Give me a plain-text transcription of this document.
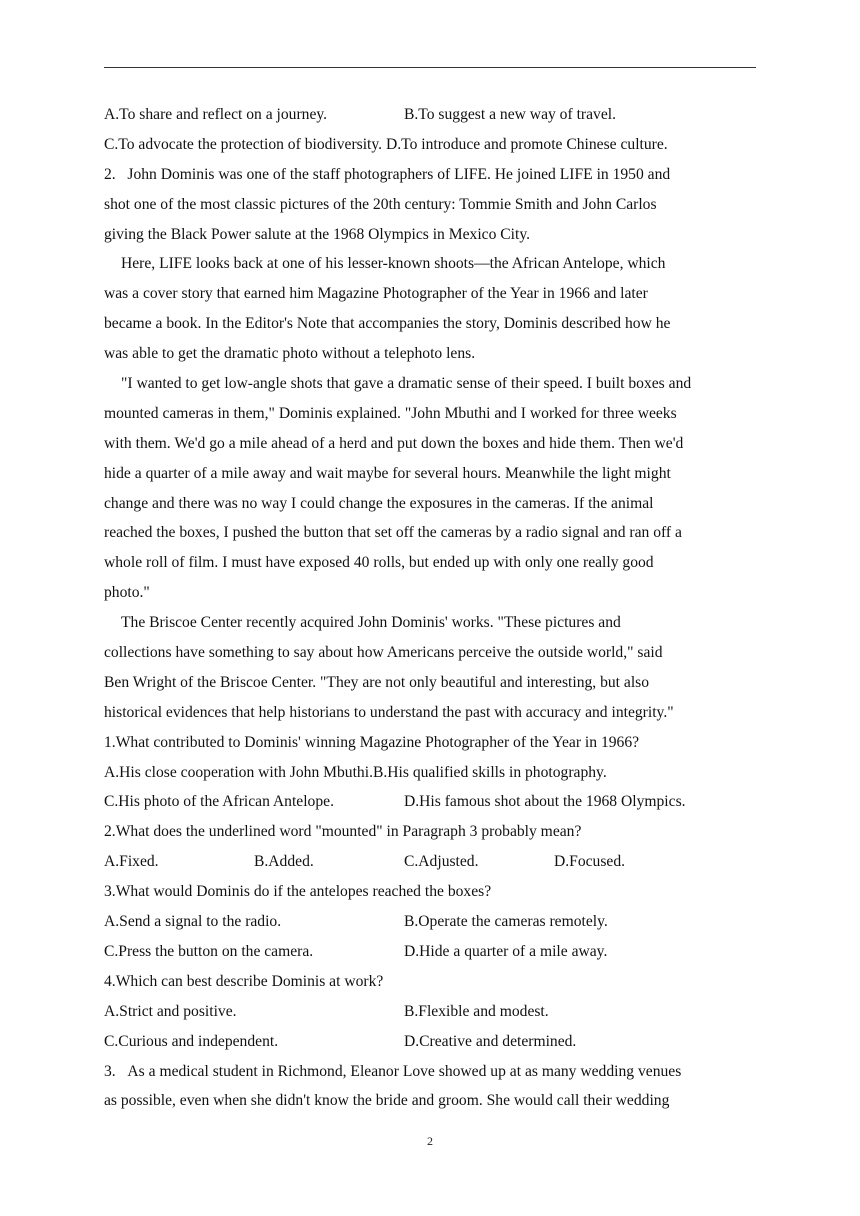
A.To share and reflect on a journey.	B.To suggest a new way of travel.
C.To advocate the protection of biodiversity. D.To introduce and promote Chinese culture.
2.   John Dominis was one of the staff photographers of LIFE. He joined LIFE in 1950 and
shot one of the most classic pictures of the 20th century: Tommie Smith and John Carlos
giving the Black Power salute at the 1968 Olympics in Mexico City.
Here, LIFE looks back at one of his lesser-known shoots—the African Antelope, which
was a cover story that earned him Magazine Photographer of the Year in 1966 and later
became a book. In the Editor's Note that accompanies the story, Dominis described how he
was able to get the dramatic photo without a telephoto lens.
"I wanted to get low-angle shots that gave a dramatic sense of their speed. I built boxes and
mounted cameras in them," Dominis explained. "John Mbuthi and I worked for three weeks
with them. We'd go a mile ahead of a herd and put down the boxes and hide them. Then we'd
hide a quarter of a mile away and wait maybe for several hours. Meanwhile the light might
change and there was no way I could change the exposures in the cameras. If the animal
reached the boxes, I pushed the button that set off the cameras by a radio signal and ran off a
whole roll of film. I must have exposed 40 rolls, but ended up with only one really good
photo."
The Briscoe Center recently acquired John Dominis' works. "These pictures and
collections have something to say about how Americans perceive the outside world," said
Ben Wright of the Briscoe Center. "They are not only beautiful and interesting, but also
historical evidences that help historians to understand the past with accuracy and integrity."
1.What contributed to Dominis' winning Magazine Photographer of the Year in 1966?
A.His close cooperation with John Mbuthi.B.His qualified skills in photography.
C.His photo of the African Antelope.	D.His famous shot about the 1968 Olympics.
2.What does the underlined word "mounted" in Paragraph 3 probably mean?
A.Fixed.	B.Added.	C.Adjusted.	D.Focused.
3.What would Dominis do if the antelopes reached the boxes?
A.Send a signal to the radio.	B.Operate the cameras remotely.
C.Press the button on the camera.	D.Hide a quarter of a mile away.
4.Which can best describe Dominis at work?
A.Strict and positive.	B.Flexible and modest.
C.Curious and independent.	D.Creative and determined.
3.   As a medical student in Richmond, Eleanor Love showed up at as many wedding venues
as possible, even when she didn't know the bride and groom. She would call their wedding
2
